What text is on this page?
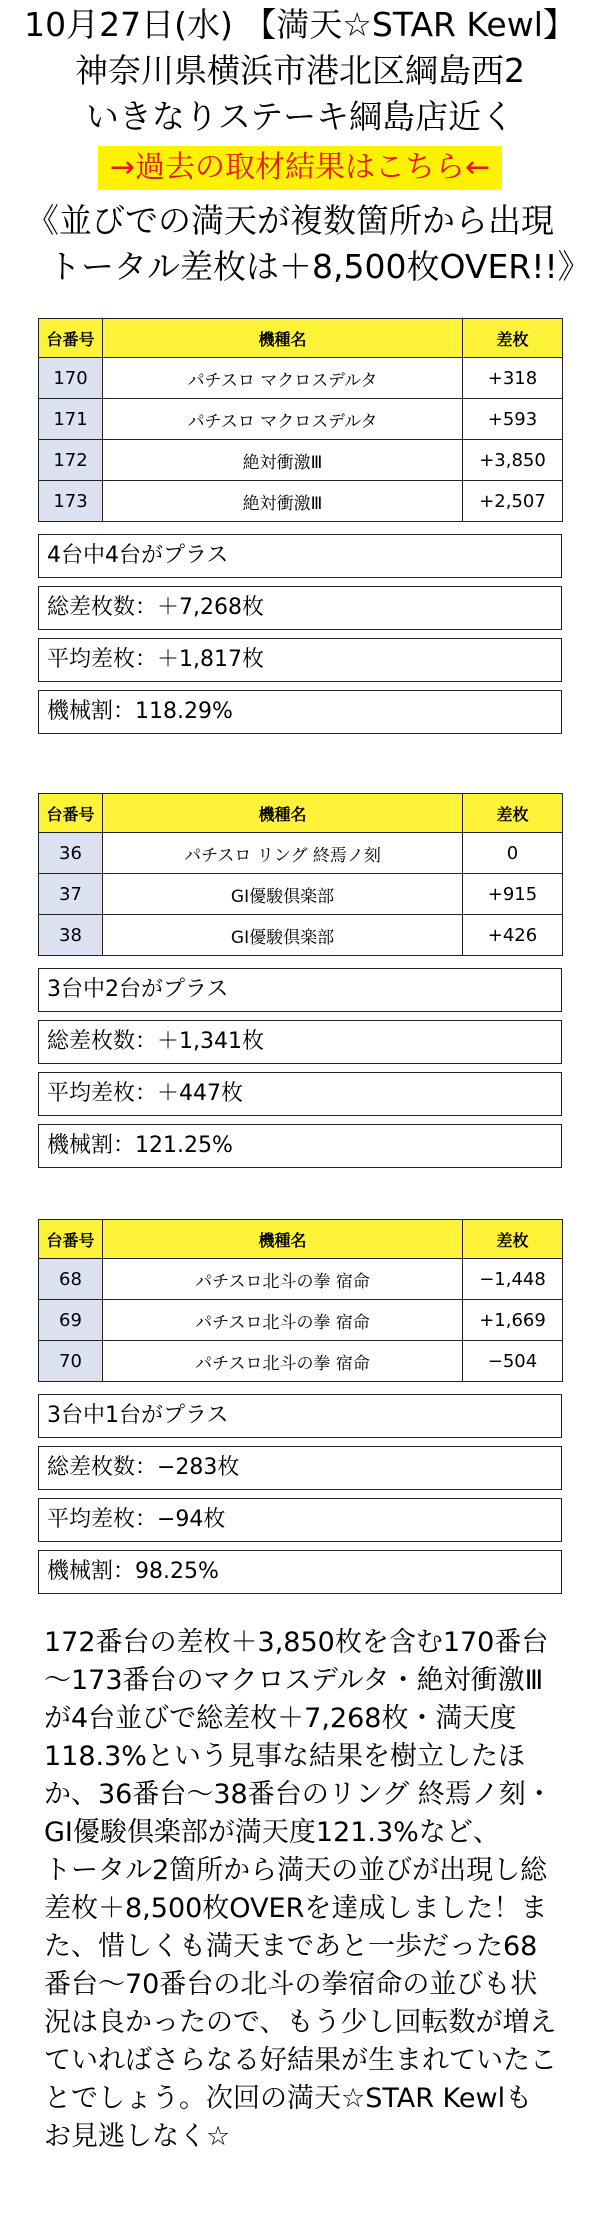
10月27日(水) 【満天☆STAR Kewl】
神奈川県横浜市港北区綱島西2
いきなりステーキ綱島店近く
→過去の取材結果はこちら←
《並びでの満天が複数箇所から出現
トータル差枚は＋8,500枚OVER!!》
台番号	機種名	差枚
170	パチスロ マクロスデルタ	+318
171	パチスロ マクロスデルタ	+593
172	絶対衝激Ⅲ	+3,850
173	絶対衝激Ⅲ	+2,507
4台中4台がプラス
総差枚数：＋7,268枚
平均差枚：＋1,817枚
機械割：118.29%
台番号	機種名	差枚
36	パチスロ リング 終焉ノ刻	0
37	GⅠ優駿倶楽部	+915
38	GⅠ優駿倶楽部	+426
3台中2台がプラス
総差枚数：＋1,341枚
平均差枚：＋447枚
機械割：121.25%
台番号	機種名	差枚
68	パチスロ北斗の拳 宿命	−1,448
69	パチスロ北斗の拳 宿命	+1,669
70	パチスロ北斗の拳 宿命	−504
3台中1台がプラス
総差枚数：−283枚
平均差枚：−94枚
機械割：98.25%

172番台の差枚＋3,850枚を含む170番台

〜173番台のマクロスデルタ・絶対衝激Ⅲ

が4台並びで総差枚＋7,268枚・満天度

118.3%という見事な結果を樹立したほ

か、36番台〜38番台のリング 終焉ノ刻・

GⅠ優駿倶楽部が満天度121.3%など、

トータル2箇所から満天の並びが出現し総

差枚＋8,500枚OVERを達成しました！ま

た、惜しくも満天まであと一歩だった68

番台〜70番台の北斗の拳宿命の並びも状

況は良かったので、もう少し回転数が増え

ていればさらなる好結果が生まれていたこ

とでしょう。次回の満天☆STAR Kewlも

お見逃しなく☆
